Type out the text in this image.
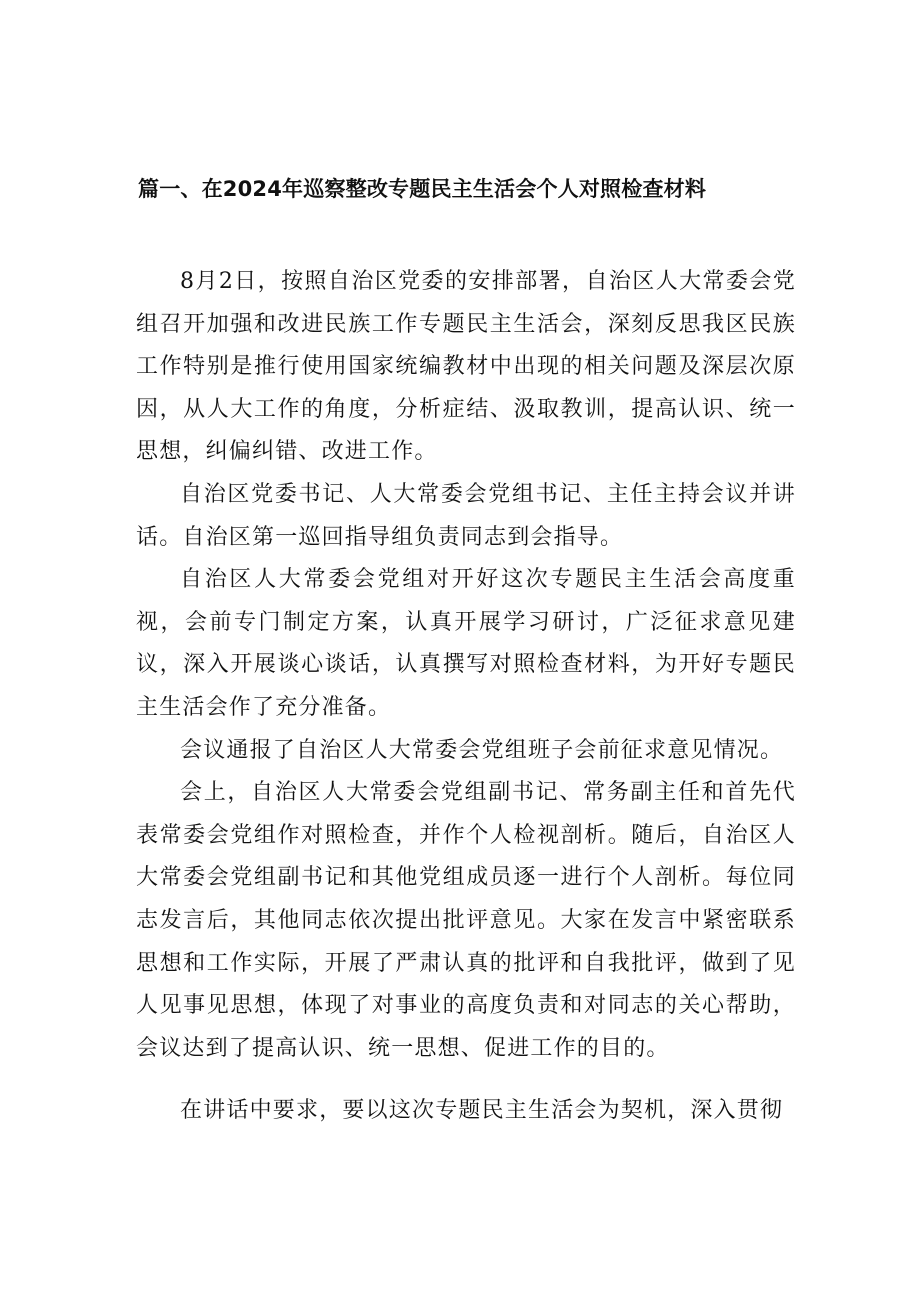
篇一、在2024年巡察整改专题民主生活会个人对照检查材料

8月2日，按照自治区党委的安排部署，自治区人大常委会党组召开加强和改进民族工作专题民主生活会，深刻反思我区民族工作特别是推行使用国家统编教材中出现的相关问题及深层次原因，从人大工作的角度，分析症结、汲取教训，提高认识、统一思想，纠偏纠错、改进工作。

自治区党委书记、人大常委会党组书记、主任主持会议并讲话。自治区第一巡回指导组负责同志到会指导。

自治区人大常委会党组对开好这次专题民主生活会高度重视，会前专门制定方案，认真开展学习研讨，广泛征求意见建议，深入开展谈心谈话，认真撰写对照检查材料，为开好专题民主生活会作了充分准备。

会议通报了自治区人大常委会党组班子会前征求意见情况。

会上，自治区人大常委会党组副书记、常务副主任和首先代表常委会党组作对照检查，并作个人检视剖析。随后，自治区人大常委会党组副书记和其他党组成员逐一进行个人剖析。每位同志发言后，其他同志依次提出批评意见。大家在发言中紧密联系思想和工作实际，开展了严肃认真的批评和自我批评，做到了见人见事见思想，体现了对事业的高度负责和对同志的关心帮助，会议达到了提高认识、统一思想、促进工作的目的。

在讲话中要求，要以这次专题民主生活会为契机，深入贯彻
